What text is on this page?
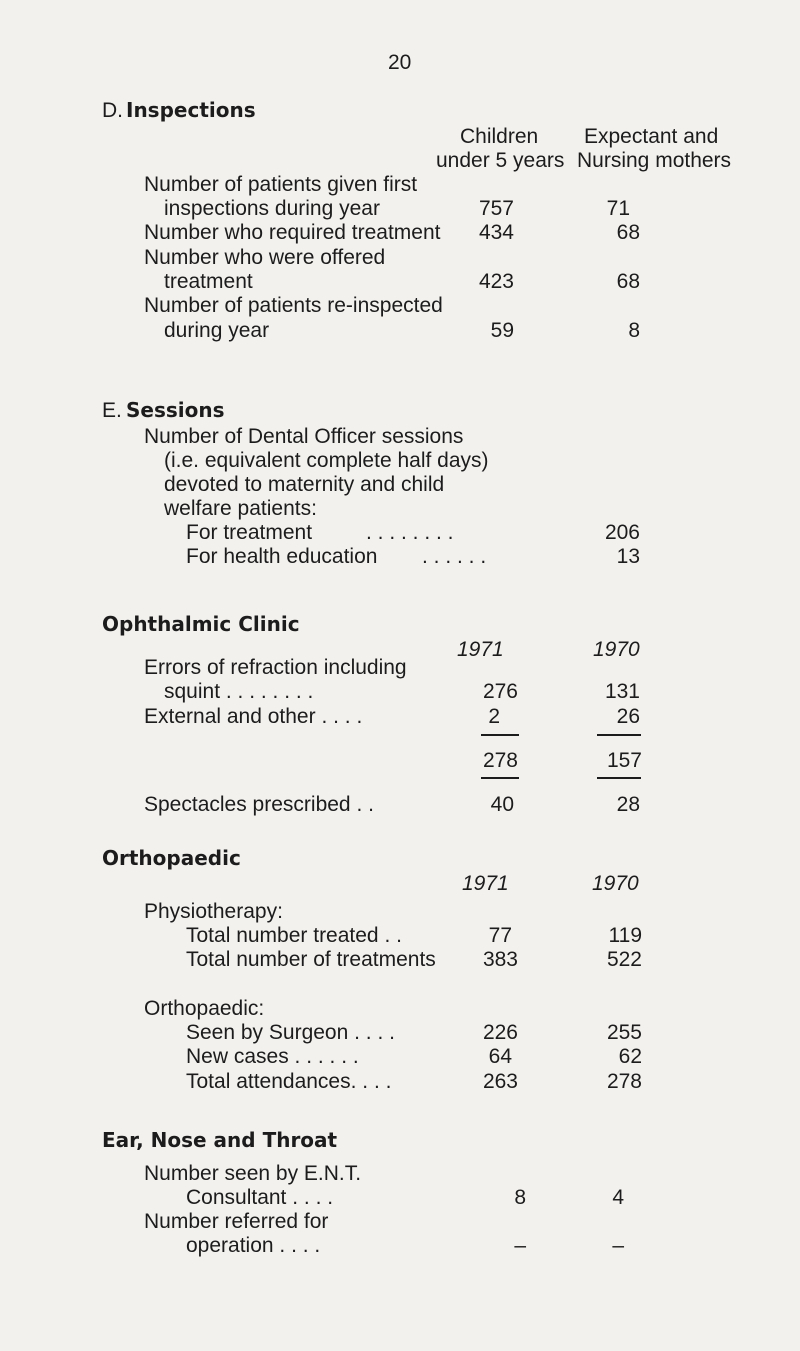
20
D. Inspections
Children
under 5 years
Expectant and
Nursing mothers
Number of patients given first
inspections during year	757	71
Number who required treatment	434	68
Number who were offered
treatment	423	68
Number of patients re-inspected
during year	59	8
E. Sessions
Number of Dental Officer sessions
(i.e. equivalent complete half days)
devoted to maternity and child
welfare patients:
For treatment	. . . . . . . .	206
For health education . . . . . .	13
Ophthalmic Clinic
1971	1970
Errors of refraction including
squint . . . . . . . .	276	131
External and other . . . .	2	26
278	157
Spectacles prescribed . .	40	28
Orthopaedic
1971	1970
Physiotherapy:
Total number treated . .	77	119
Total number of treatments	383	522
Orthopaedic:
Seen by Surgeon . . . .	226	255
New cases . . . . . .	64	62
Total attendances. . . .	263	278
Ear, Nose and Throat
Number seen by E.N.T.
Consultant . . . .	8	4
Number referred for
operation . . . .	–	–
